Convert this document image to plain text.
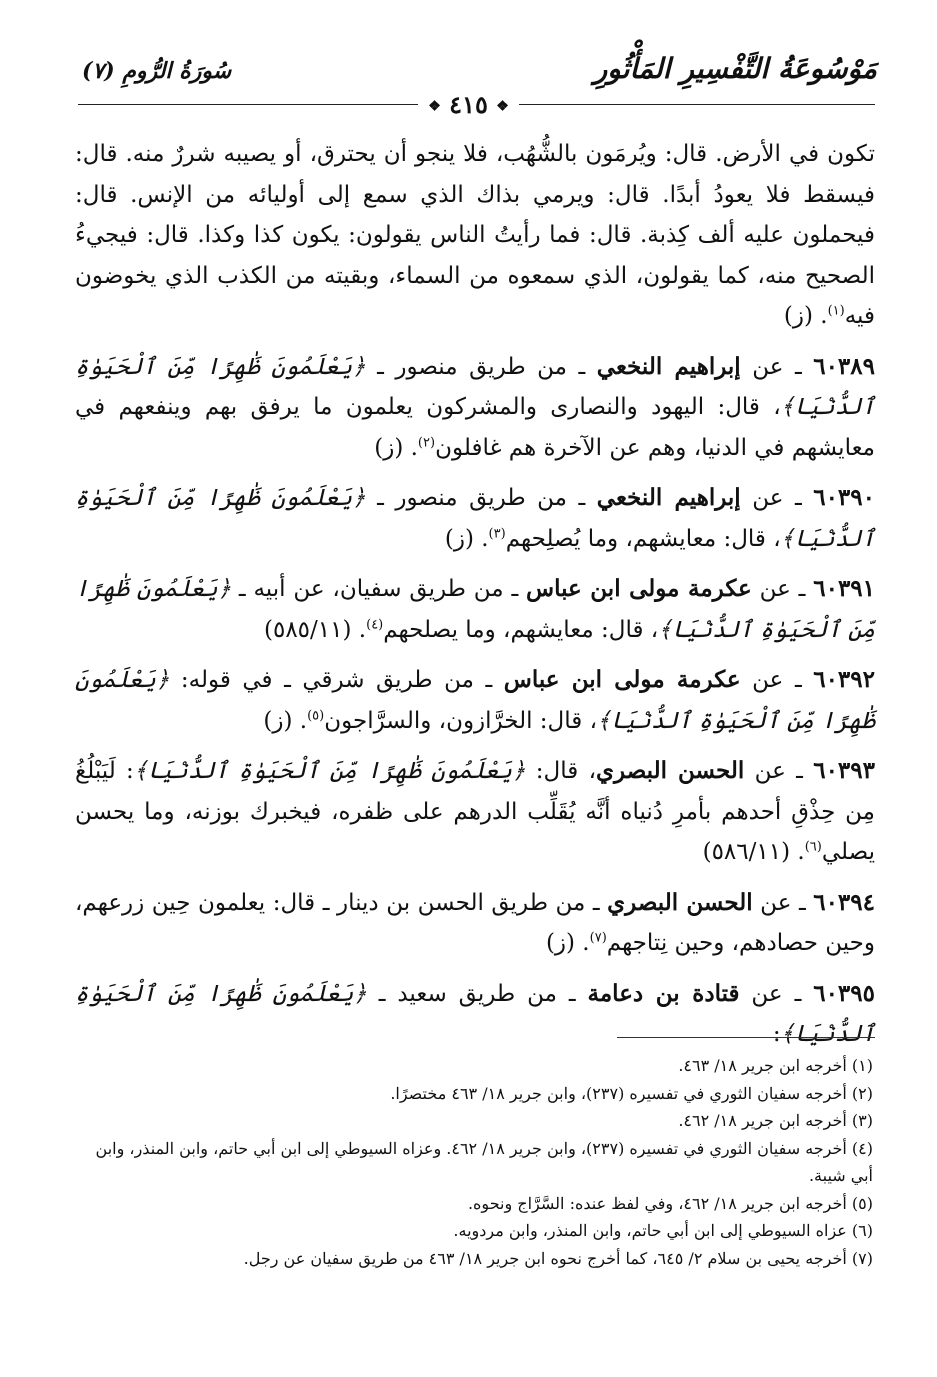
مَوْسُوعَةُ التَّفْسِيرِ المَأْثُورِ
سُورَةُ الرُّومِ (٧)
❖ ٤١٥ ❖

تكون في الأرض. قال: ويُرمَون بالشُّهُب، فلا ينجو أن يحترق، أو يصيبه شررٌ منه. قال: فيسقط فلا يعودُ أبدًا. قال: ويرمي بذاك الذي سمع إلى أوليائه من الإنس. قال: فيحملون عليه ألف كِذبة. قال: فما رأيتُ الناس يقولون: يكون كذا وكذا. قال: فيجيءُ الصحيح منه، كما يقولون، الذي سمعوه من السماء، وبقيته من الكذب الذي يخوضون فيه$^{(١)}$. (ز)

٦٠٣٨٩ ـ عن إبراهيم النخعي ـ من طريق منصور ـ ﴿يَعْلَمُونَ ظَٰهِرًا مِّنَ ٱلْحَيَوٰةِ ٱلدُّنْيَا﴾، قال: اليهود والنصارى والمشركون يعلمون ما يرفق بهم وينفعهم في معايشهم في الدنيا، وهم عن الآخرة هم غافلون$^{(٢)}$. (ز)

٦٠٣٩٠ ـ عن إبراهيم النخعي ـ من طريق منصور ـ ﴿يَعْلَمُونَ ظَٰهِرًا مِّنَ ٱلْحَيَوٰةِ ٱلدُّنْيَا﴾، قال: معايشهم، وما يُصلِحهم$^{(٣)}$. (ز)

٦٠٣٩١ ـ عن عكرمة مولى ابن عباس ـ من طريق سفيان، عن أبيه ـ ﴿يَعْلَمُونَ ظَٰهِرًا مِّنَ ٱلْحَيَوٰةِ ٱلدُّنْيَا﴾، قال: معايشهم، وما يصلحهم$^{(٤)}$. (٥٨٥/١١)

٦٠٣٩٢ ـ عن عكرمة مولى ابن عباس ـ من طريق شرقي ـ في قوله: ﴿يَعْلَمُونَ ظَٰهِرًا مِّنَ ٱلْحَيَوٰةِ ٱلدُّنْيَا﴾، قال: الخرَّازون، والسرَّاجون$^{(٥)}$. (ز)

٦٠٣٩٣ ـ عن الحسن البصري، قال: ﴿يَعْلَمُونَ ظَٰهِرًا مِّنَ ٱلْحَيَوٰةِ ٱلدُّنْيَا﴾: لَيَبْلُغُ مِن حِذْقِ أحدهم بأمرِ دُنياه أنَّه يُقَلِّب الدرهم على ظفره، فيخبرك بوزنه، وما يحسن يصلي$^{(٦)}$. (٥٨٦/١١)

٦٠٣٩٤ ـ عن الحسن البصري ـ من طريق الحسن بن دينار ـ قال: يعلمون حِين زرعهم، وحين حصادهم، وحين نِتاجهم$^{(٧)}$. (ز)

٦٠٣٩٥ ـ عن قتادة بن دعامة ـ من طريق سعيد ـ ﴿يَعْلَمُونَ ظَٰهِرًا مِّنَ ٱلْحَيَوٰةِ ٱلدُّنْيَا﴾:

(١) أخرجه ابن جرير ١٨/ ٤٦٣.

(٢) أخرجه سفيان الثوري في تفسيره (٢٣٧)، وابن جرير ١٨/ ٤٦٣ مختصرًا.

(٣) أخرجه ابن جرير ١٨/ ٤٦٢.

(٤) أخرجه سفيان الثوري في تفسيره (٢٣٧)، وابن جرير ١٨/ ٤٦٢. وعزاه السيوطي إلى ابن أبي حاتم، وابن المنذر، وابن أبي شيبة.

(٥) أخرجه ابن جرير ١٨/ ٤٦٢، وفي لفظ عنده: السَّرَّاج ونحوه.

(٦) عزاه السيوطي إلى ابن أبي حاتم، وابن المنذر، وابن مردويه.

(٧) أخرجه يحيى بن سلام ٢/ ٦٤٥، كما أخرج نحوه ابن جرير ١٨/ ٤٦٣ من طريق سفيان عن رجل.
